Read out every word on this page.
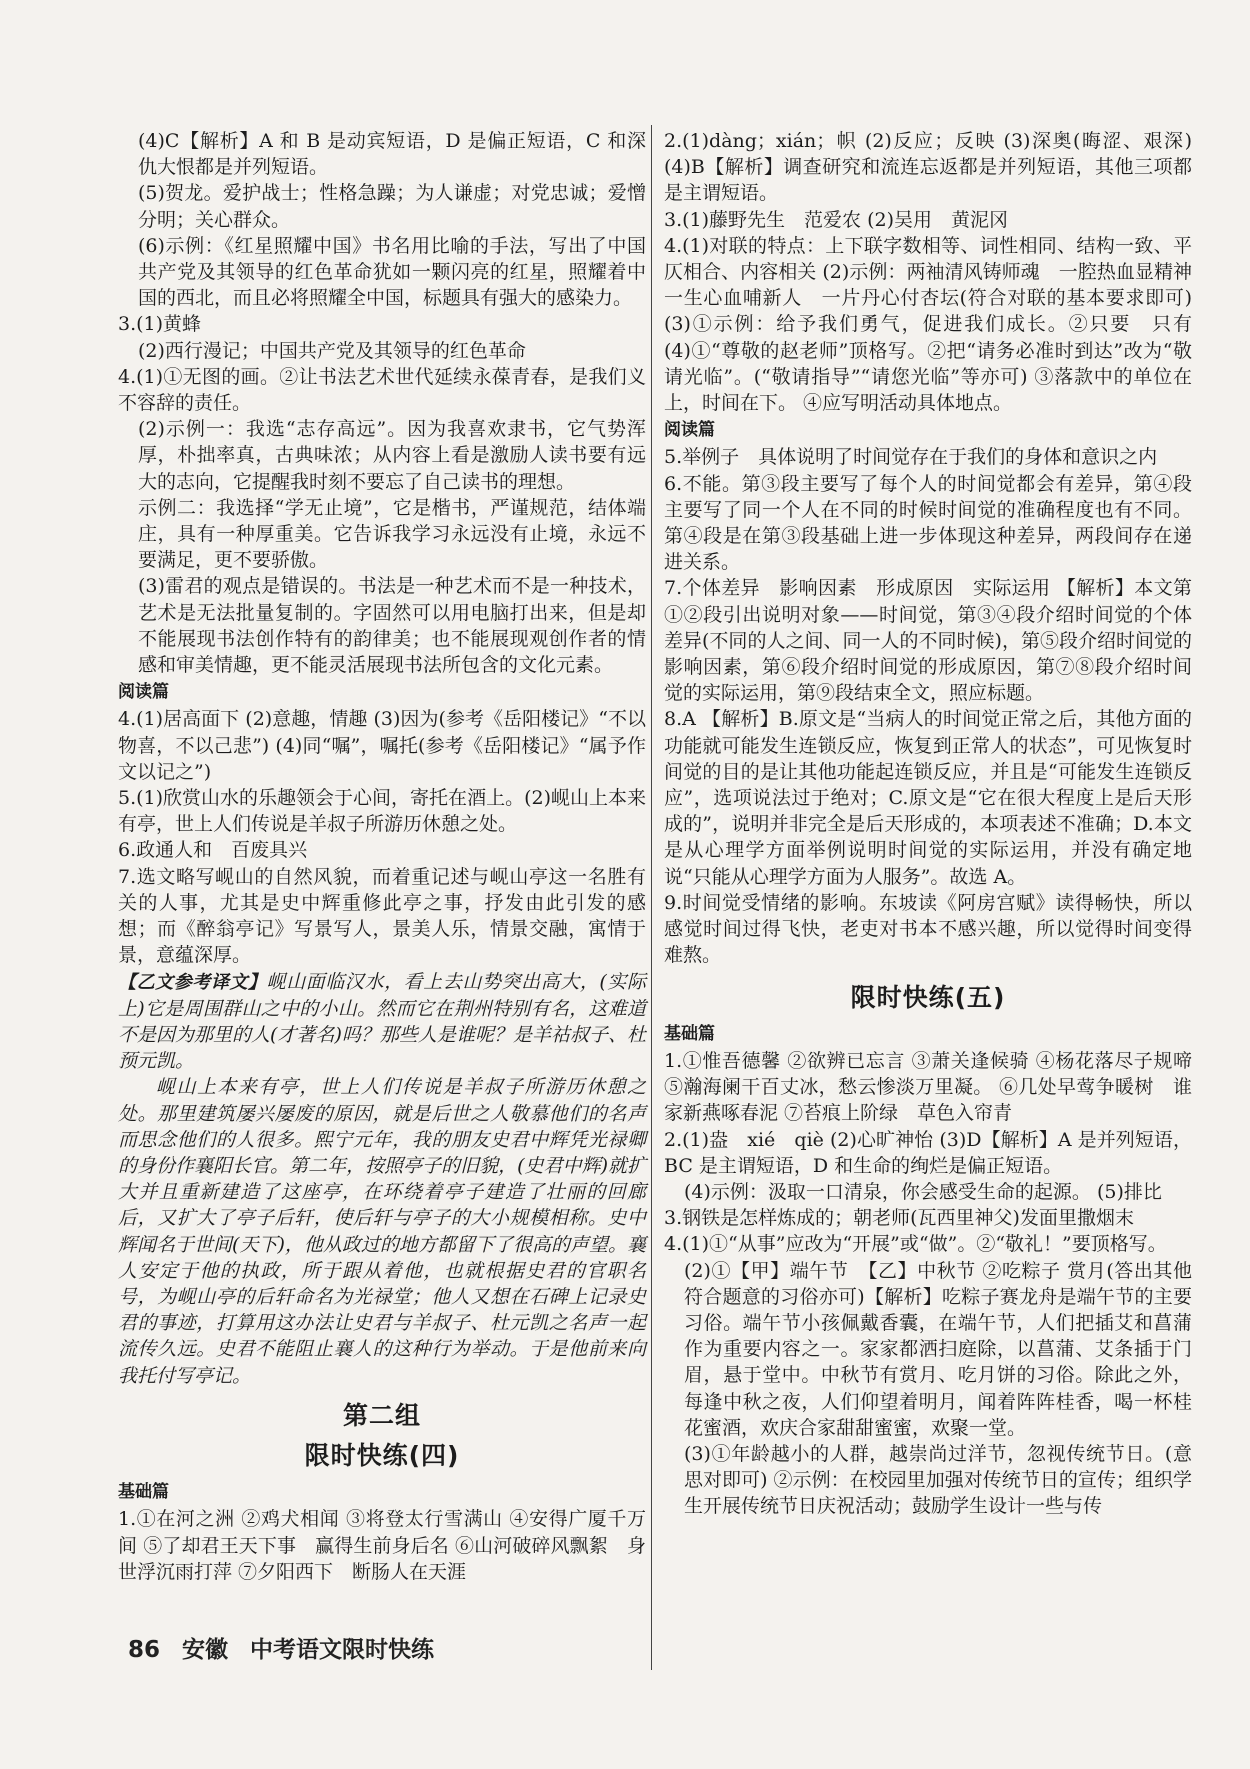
​

(4)C【解析】A 和 B 是动宾短语，D 是偏正短语，C 和深仇大恨都是并列短语。

(5)贺龙。爱护战士；性格急躁；为人谦虚；对党忠诚；爱憎分明；关心群众。

(6)示例：《红星照耀中国》书名用比喻的手法，写出了中国共产党及其领导的红色革命犹如一颗闪亮的红星，照耀着中国的西北，而且必将照耀全中国，标题具有强大的感染力。

3.(1)黄蜂

(2)西行漫记；中国共产党及其领导的红色革命

4.(1)①无图的画。②让书法艺术世代延续永葆青春，是我们义不容辞的责任。

(2)示例一：我选“志存高远”。因为我喜欢隶书，它气势浑厚，朴拙率真，古典味浓；从内容上看是激励人读书要有远大的志向，它提醒我时刻不要忘了自己读书的理想。

示例二：我选择“学无止境”，它是楷书，严谨规范，结体端庄，具有一种厚重美。它告诉我学习永远没有止境，永远不要满足，更不要骄傲。

(3)雷君的观点是错误的。书法是一种艺术而不是一种技术，艺术是无法批量复制的。字固然可以用电脑打出来，但是却不能展现书法创作特有的韵律美；也不能展现观创作者的情感和审美情趣，更不能灵活展现书法所包含的文化元素。

阅读篇

4.(1)居高面下 (2)意趣，情趣 (3)因为(参考《岳阳楼记》“不以物喜，不以己悲”) (4)同“嘱”，嘱托(参考《岳阳楼记》“属予作文以记之”)

5.(1)欣赏山水的乐趣领会于心间，寄托在酒上。(2)岘山上本来有亭，世上人们传说是羊叔子所游历休憩之处。

6.政通人和　百废具兴

7.选文略写岘山的自然风貌，而着重记述与岘山亭这一名胜有关的人事，尤其是史中辉重修此亭之事，抒发由此引发的感想；而《醉翁亭记》写景写人，景美人乐，情景交融，寓情于景，意蕴深厚。

【乙文参考译文】岘山面临汉水，看上去山势突出高大，(实际上)它是周围群山之中的小山。然而它在荆州特别有名，这难道不是因为那里的人(才著名)吗？那些人是谁呢？是羊祜叔子、杜预元凯。

岘山上本来有亭，世上人们传说是羊叔子所游历休憩之处。那里建筑屡兴屡废的原因，就是后世之人敬慕他们的名声而思念他们的人很多。熙宁元年，我的朋友史君中辉凭光禄卿的身份作襄阳长官。第二年，按照亭子的旧貌，(史君中辉)就扩大并且重新建造了这座亭，在环绕着亭子建造了壮丽的回廊后，又扩大了亭子后轩，使后轩与亭子的大小规模相称。史中辉闻名于世间(天下)，他从政过的地方都留下了很高的声望。襄人安定于他的执政，所于跟从着他，也就根据史君的官职名号，为岘山亭的后轩命名为光禄堂；他人又想在石碑上记录史君的事迹，打算用这办法让史君与羊叔子、杜元凯之名声一起流传久远。史君不能阻止襄人的这种行为举动。于是他前来向我托付写亭记。

第二组
限时快练(四)
基础篇

1.①在河之洲 ②鸡犬相闻 ③将登太行雪满山 ④安得广厦千万间 ⑤了却君王天下事　赢得生前身后名 ⑥山河破碎风飘絮　身世浮沉雨打萍 ⑦夕阳西下　断肠人在天涯

2.(1)dàng；xián；帜 (2)反应；反映 (3)深奥(晦涩、艰深) (4)B【解析】调查研究和流连忘返都是并列短语，其他三项都是主谓短语。

3.(1)藤野先生　范爱农 (2)吴用　黄泥冈

4.(1)对联的特点：上下联字数相等、词性相同、结构一致、平仄相合、内容相关 (2)示例：两袖清风铸师魂　一腔热血显精神　一生心血哺新人　一片丹心付杏坛(符合对联的基本要求即可) (3)①示例：给予我们勇气，促进我们成长。②只要　只有 (4)①“尊敬的赵老师”顶格写。②把“请务必准时到达”改为“敬请光临”。(“敬请指导”“请您光临”等亦可) ③落款中的单位在上，时间在下。 ④应写明活动具体地点。

阅读篇

5.举例子　具体说明了时间觉存在于我们的身体和意识之内

6.不能。第③段主要写了每个人的时间觉都会有差异，第④段主要写了同一个人在不同的时候时间觉的准确程度也有不同。第④段是在第③段基础上进一步体现这种差异，两段间存在递进关系。

7.个体差异　影响因素　形成原因　实际运用 【解析】本文第①②段引出说明对象——时间觉，第③④段介绍时间觉的个体差异(不同的人之间、同一人的不同时候)，第⑤段介绍时间觉的影响因素，第⑥段介绍时间觉的形成原因，第⑦⑧段介绍时间觉的实际运用，第⑨段结束全文，照应标题。

8.A 【解析】B.原文是“当病人的时间觉正常之后，其他方面的功能就可能发生连锁反应，恢复到正常人的状态”，可见恢复时间觉的目的是让其他功能起连锁反应，并且是“可能发生连锁反应”，选项说法过于绝对；C.原文是“它在很大程度上是后天形成的”，说明并非完全是后天形成的，本项表述不准确；D.本文是从心理学方面举例说明时间觉的实际运用，并没有确定地说“只能从心理学方面为人服务”。故选 A。

9.时间觉受情绪的影响。东坡读《阿房宫赋》读得畅快，所以感觉时间过得飞快，老吏对书本不感兴趣，所以觉得时间变得难熬。

限时快练(五)
基础篇

1.①惟吾德馨 ②欲辨已忘言 ③萧关逢候骑 ④杨花落尽子规啼 ⑤瀚海阑干百丈冰，愁云惨淡万里凝。 ⑥几处早莺争暖树　谁家新燕啄春泥 ⑦苔痕上阶绿　草色入帘青

2.(1)盎　xié　qiè (2)心旷神怡 (3)D【解析】A 是并列短语，BC 是主谓短语，D 和生命的绚烂是偏正短语。

(4)示例：汲取一口清泉，你会感受生命的起源。 (5)排比

3.钢铁是怎样炼成的；朝老师(瓦西里神父)发面里撒烟末

4.(1)①“从事”应改为“开展”或“做”。②“敬礼！”要顶格写。

(2)①【甲】端午节　【乙】中秋节 ②吃粽子 赏月(答出其他符合题意的习俗亦可)【解析】吃粽子赛龙舟是端午节的主要习俗。端午节小孩佩戴香囊，在端午节，人们把插艾和菖蒲作为重要内容之一。家家都洒扫庭除，以菖蒲、艾条插于门眉，悬于堂中。中秋节有赏月、吃月饼的习俗。除此之外，每逢中秋之夜，人们仰望着明月，闻着阵阵桂香，喝一杯桂花蜜酒，欢庆合家甜甜蜜蜜，欢聚一堂。

(3)①年龄越小的人群，越崇尚过洋节，忽视传统节日。(意思对即可) ②示例：在校园里加强对传统节日的宣传；组织学生开展传统节日庆祝活动；鼓励学生设计一些与传

86 安徽 中考语文限时快练
